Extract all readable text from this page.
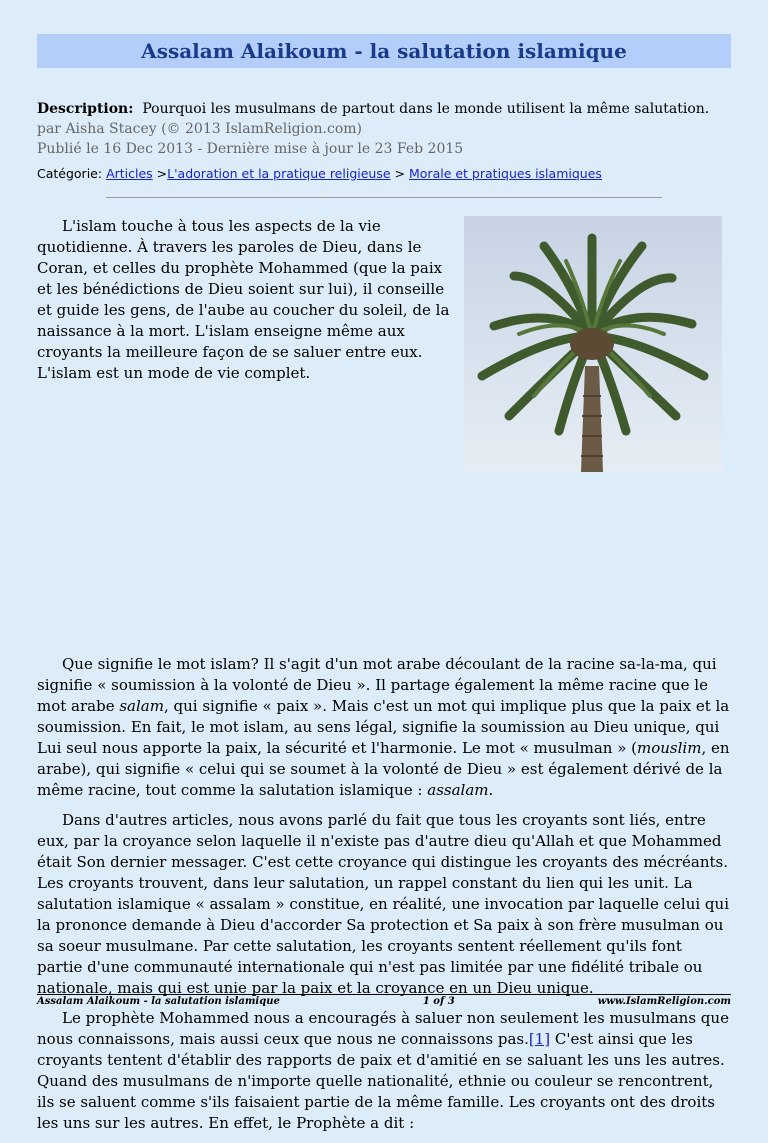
Assalam Alaikoum - la salutation islamique
Description: Pourquoi les musulmans de partout dans le monde utilisent la même salutation.
par Aisha Stacey (© 2013 IslamReligion.com)
Publié le 16 Dec 2013 - Dernière mise à jour le 23 Feb 2015
Catégorie: Articles >L'adoration et la pratique religieuse > Morale et pratiques islamiques

L'islam touche à tous les aspects de la vie quotidienne. À travers les paroles de Dieu, dans le Coran, et celles du prophète Mohammed (que la paix et les bénédictions de Dieu soient sur lui), il conseille et guide les gens, de l'aube au coucher du soleil, de la naissance à la mort. L'islam enseigne même aux croyants la meilleure façon de se saluer entre eux. L'islam est un mode de vie complet.

Que signifie le mot islam? Il s'agit d'un mot arabe découlant de la racine sa-la-ma, qui signifie « soumission à la volonté de Dieu ». Il partage également la même racine que le mot arabe salam, qui signifie « paix ». Mais c'est un mot qui implique plus que la paix et la soumission. En fait, le mot islam, au sens légal, signifie la soumission au Dieu unique, qui Lui seul nous apporte la paix, la sécurité et l'harmonie. Le mot « musulman » (mouslim, en arabe), qui signifie « celui qui se soumet à la volonté de Dieu » est également dérivé de la même racine, tout comme la salutation islamique : assalam.

Dans d'autres articles, nous avons parlé du fait que tous les croyants sont liés, entre eux, par la croyance selon laquelle il n'existe pas d'autre dieu qu'Allah et que Mohammed était Son dernier messager. C'est cette croyance qui distingue les croyants des mécréants. Les croyants trouvent, dans leur salutation, un rappel constant du lien qui les unit. La salutation islamique « assalam » constitue, en réalité, une invocation par laquelle celui qui la prononce demande à Dieu d'accorder Sa protection et Sa paix à son frère musulman ou sa soeur musulmane. Par cette salutation, les croyants sentent réellement qu'ils font partie d'une communauté internationale qui n'est pas limitée par une fidélité tribale ou nationale, mais qui est unie par la paix et la croyance en un Dieu unique.

Le prophète Mohammed nous a encouragés à saluer non seulement les musulmans que nous connaissons, mais aussi ceux que nous ne connaissons pas.[1] C'est ainsi que les croyants tentent d'établir des rapports de paix et d'amitié en se saluant les uns les autres. Quand des musulmans de n'importe quelle nationalité, ethnie ou couleur se rencontrent, ils se saluent comme s'ils faisaient partie de la même famille. Les croyants ont des droits les uns sur les autres. En effet, le Prophète a dit :

Assalam Alaikoum - la salutation islamique	1 of 3	www.IslamReligion.com
